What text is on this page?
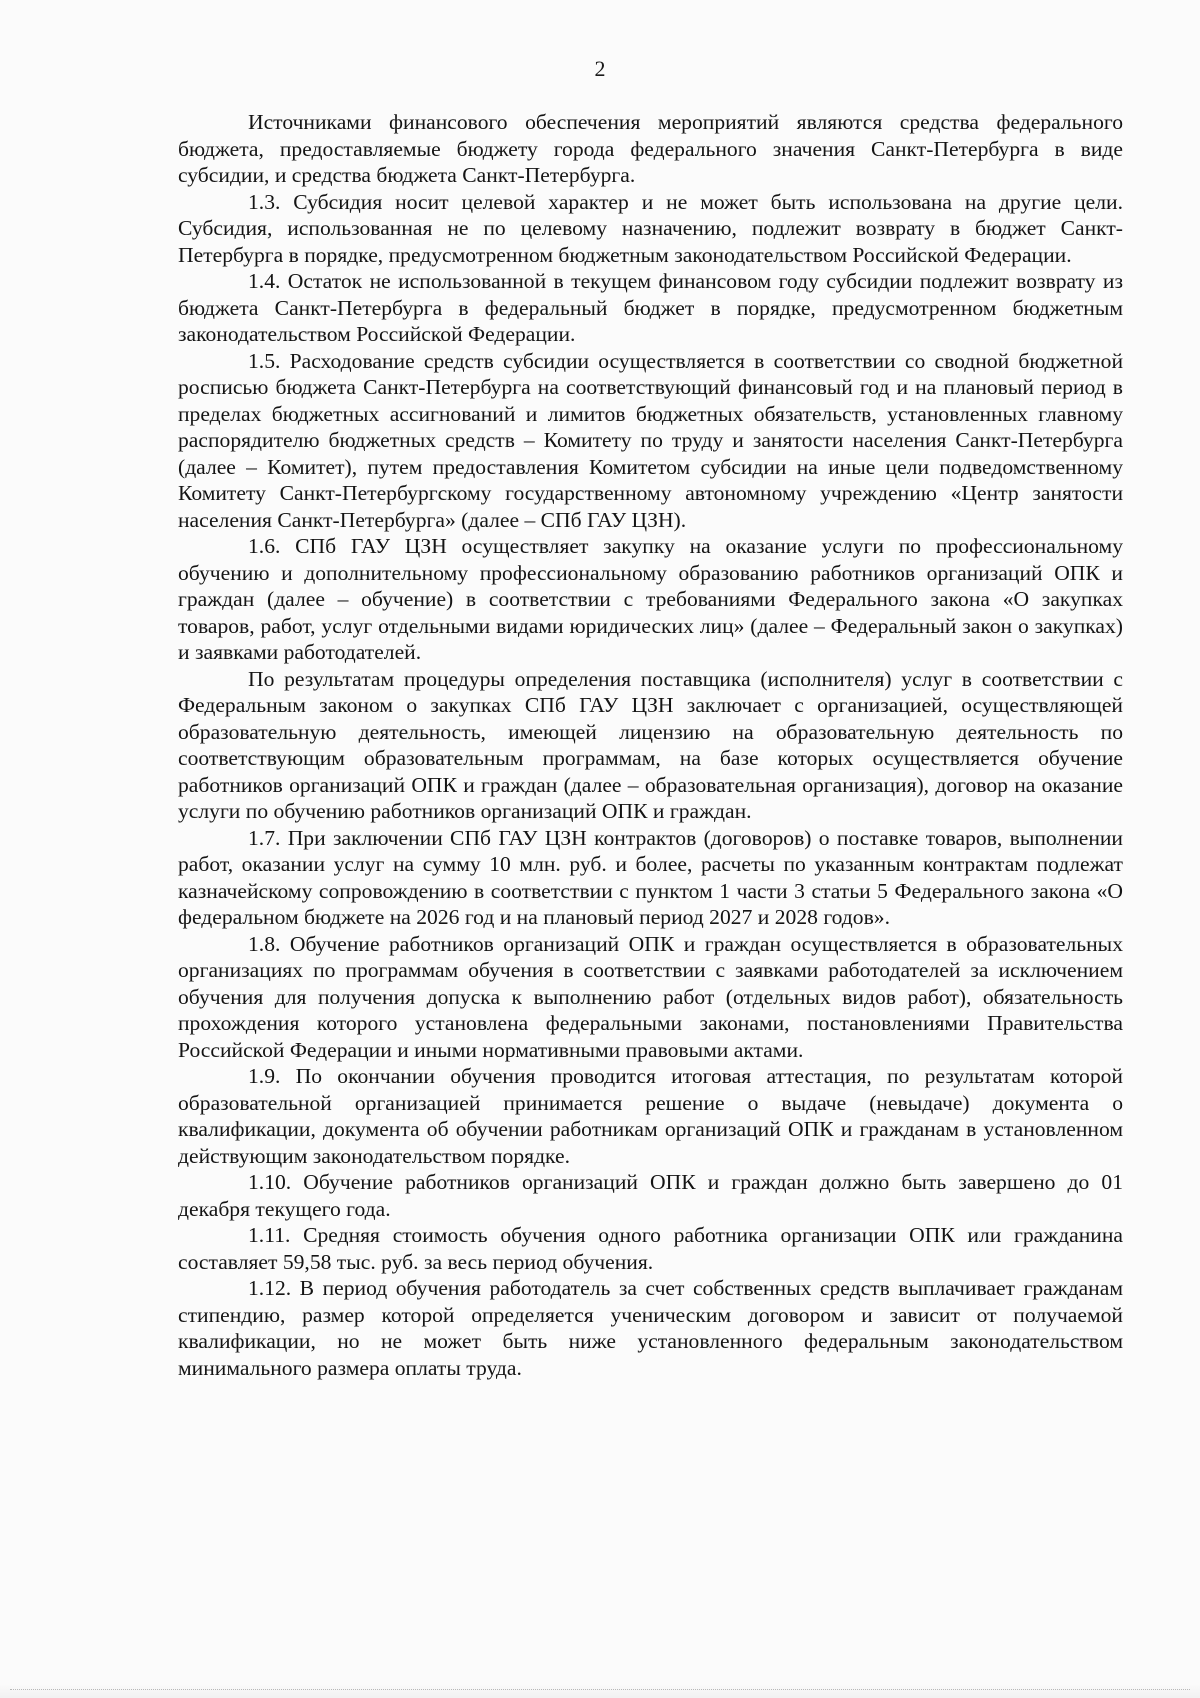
2

Источниками финансового обеспечения мероприятий являются средства федерального бюджета, предоставляемые бюджету города федерального значения Санкт-Петербурга в виде субсидии, и средства бюджета Санкт-Петербурга.

1.3. Субсидия носит целевой характер и не может быть использована на другие цели. Субсидия, использованная не по целевому назначению, подлежит возврату в бюджет Санкт-Петербурга в порядке, предусмотренном бюджетным законодательством Российской Федерации.

1.4. Остаток не использованной в текущем финансовом году субсидии подлежит возврату из бюджета Санкт-Петербурга в федеральный бюджет в порядке, предусмотренном бюджетным законодательством Российской Федерации.

1.5. Расходование средств субсидии осуществляется в соответствии со сводной бюджетной росписью бюджета Санкт-Петербурга на соответствующий финансовый год и на плановый период в пределах бюджетных ассигнований и лимитов бюджетных обязательств, установленных главному распорядителю бюджетных средств – Комитету по труду и занятости населения Санкт-Петербурга (далее – Комитет), путем предоставления Комитетом субсидии на иные цели подведомственному Комитету Санкт-Петербургскому государственному автономному учреждению «Центр занятости населения Санкт-Петербурга» (далее – СПб ГАУ ЦЗН).

1.6. СПб ГАУ ЦЗН осуществляет закупку на оказание услуги по профессиональному обучению и дополнительному профессиональному образованию работников организаций ОПК и граждан (далее – обучение) в соответствии с требованиями Федерального закона «О закупках товаров, работ, услуг отдельными видами юридических лиц» (далее – Федеральный закон о закупках) и заявками работодателей.

По результатам процедуры определения поставщика (исполнителя) услуг в соответствии с Федеральным законом о закупках СПб ГАУ ЦЗН заключает с организацией, осуществляющей образовательную деятельность, имеющей лицензию на образовательную деятельность по соответствующим образовательным программам, на базе которых осуществляется обучение работников организаций ОПК и граждан (далее – образовательная организация), договор на оказание услуги по обучению работников организаций ОПК и граждан.

1.7. При заключении СПб ГАУ ЦЗН контрактов (договоров) о поставке товаров, выполнении работ, оказании услуг на сумму 10 млн. руб. и более, расчеты по указанным контрактам подлежат казначейскому сопровождению в соответствии с пунктом 1 части 3 статьи 5 Федерального закона «О федеральном бюджете на 2026 год и на плановый период 2027 и 2028 годов».

1.8. Обучение работников организаций ОПК и граждан осуществляется в образовательных организациях по программам обучения в соответствии с заявками работодателей за исключением обучения для получения допуска к выполнению работ (отдельных видов работ), обязательность прохождения которого установлена федеральными законами, постановлениями Правительства Российской Федерации и иными нормативными правовыми актами.

1.9. По окончании обучения проводится итоговая аттестация, по результатам которой образовательной организацией принимается решение о выдаче (невыдаче) документа о квалификации, документа об обучении работникам организаций ОПК и гражданам в установленном действующим законодательством порядке.

1.10. Обучение работников организаций ОПК и граждан должно быть завершено до 01 декабря текущего года.

1.11. Средняя стоимость обучения одного работника организации ОПК или гражданина составляет 59,58 тыс. руб. за весь период обучения.

1.12. В период обучения работодатель за счет собственных средств выплачивает гражданам стипендию, размер которой определяется ученическим договором и зависит от получаемой квалификации, но не может быть ниже установленного федеральным законодательством минимального размера оплаты труда.
